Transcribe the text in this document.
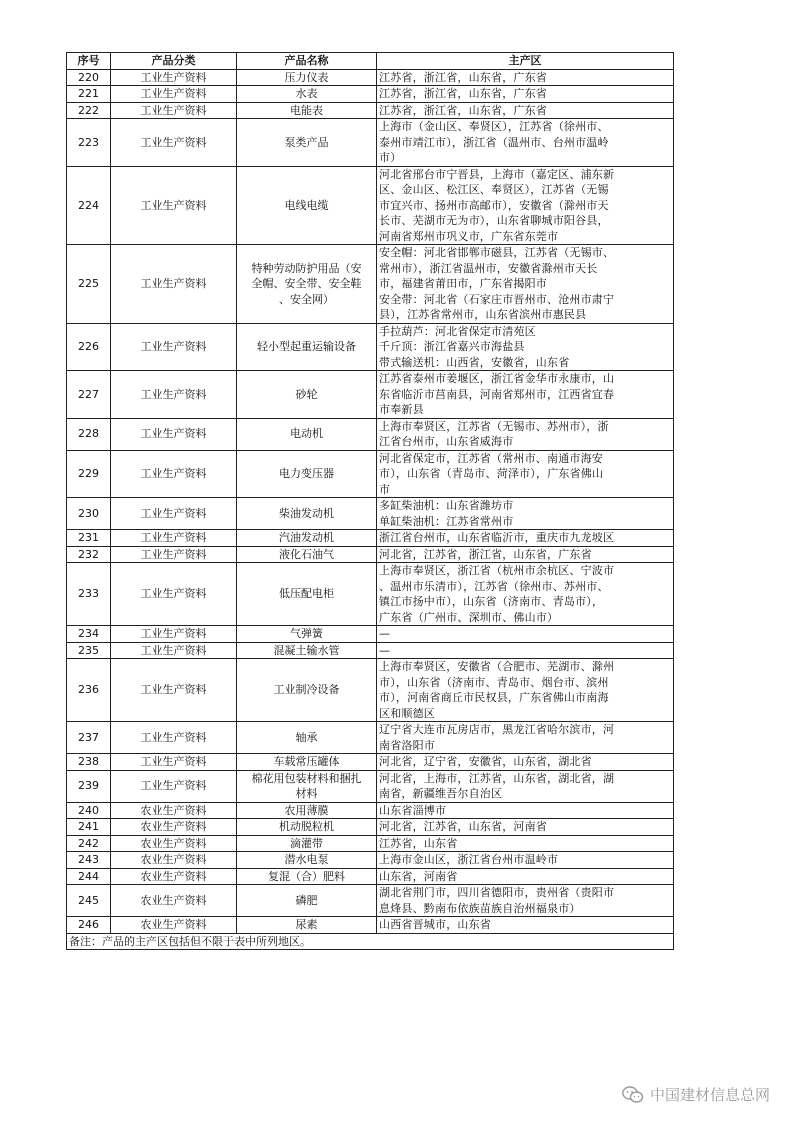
序号	产品分类	产品名称	主产区
220	工业生产资料	压力仪表	江苏省，浙江省，山东省，广东省

221	工业生产资料	水表	江苏省，浙江省，山东省，广东省

222	工业生产资料	电能表	江苏省，浙江省，山东省，广东省

223	工业生产资料	泵类产品	上海市（金山区、奉贤区），江苏省（徐州市、
泰州市靖江市），浙江省（温州市、台州市温岭
市）

224	工业生产资料	电线电缆	河北省邢台市宁晋县，上海市（嘉定区、浦东新
区、金山区、松江区、奉贤区），江苏省（无锡
市宜兴市、扬州市高邮市），安徽省（滁州市天
长市、芜湖市无为市），山东省聊城市阳谷县，
河南省郑州市巩义市，广东省东莞市

225	工业生产资料	特种劳动防护用品（安
全帽、安全带、安全鞋
、安全网）	安全帽：河北省邯郸市磁县，江苏省（无锡市、
常州市），浙江省温州市，安徽省滁州市天长
市，福建省莆田市，广东省揭阳市
安全带：河北省（石家庄市晋州市、沧州市肃宁
县），江苏省常州市，山东省滨州市惠民县

226	工业生产资料	轻小型起重运输设备	手拉葫芦：河北省保定市清苑区
千斤顶：浙江省嘉兴市海盐县
带式输送机：山西省，安徽省，山东省

227	工业生产资料	砂轮	江苏省泰州市姜堰区，浙江省金华市永康市，山
东省临沂市莒南县，河南省郑州市，江西省宜春
市奉新县

228	工业生产资料	电动机	上海市奉贤区，江苏省（无锡市、苏州市），浙
江省台州市，山东省威海市

229	工业生产资料	电力变压器	河北省保定市，江苏省（常州市、南通市海安
市），山东省（青岛市、菏泽市），广东省佛山
市

230	工业生产资料	柴油发动机	多缸柴油机：山东省潍坊市
单缸柴油机：江苏省常州市

231	工业生产资料	汽油发动机	浙江省台州市，山东省临沂市，重庆市九龙坡区

232	工业生产资料	液化石油气	河北省，江苏省，浙江省，山东省，广东省

233	工业生产资料	低压配电柜	上海市奉贤区，浙江省（杭州市余杭区、宁波市
、温州市乐清市），江苏省（徐州市、苏州市、
镇江市扬中市），山东省（济南市、青岛市），
广东省（广州市、深圳市、佛山市）

234	工业生产资料	气弹簧	—

235	工业生产资料	混凝土输水管	—

236	工业生产资料	工业制冷设备	上海市奉贤区，安徽省（合肥市、芜湖市、滁州
市），山东省（济南市、青岛市、烟台市、滨州
市），河南省商丘市民权县，广东省佛山市南海
区和顺德区

237	工业生产资料	轴承	辽宁省大连市瓦房店市，黑龙江省哈尔滨市，河
南省洛阳市

238	工业生产资料	车载常压罐体	河北省，辽宁省，安徽省，山东省，湖北省

239	工业生产资料	棉花用包装材料和捆扎
材料	河北省，上海市，江苏省，山东省，湖北省，湖
南省，新疆维吾尔自治区

240	农业生产资料	农用薄膜	山东省淄博市

241	农业生产资料	机动脱粒机	河北省，江苏省，山东省，河南省

242	农业生产资料	滴灌带	江苏省，山东省

243	农业生产资料	潜水电泵	上海市金山区，浙江省台州市温岭市

244	农业生产资料	复混（合）肥料	山东省，河南省

245	农业生产资料	磷肥	湖北省荆门市，四川省德阳市，贵州省（贵阳市
息烽县、黔南布依族苗族自治州福泉市）

246	农业生产资料	尿素	山西省晋城市，山东省

备注：产品的主产区包括但不限于表中所列地区。			
中国建材信息总网
